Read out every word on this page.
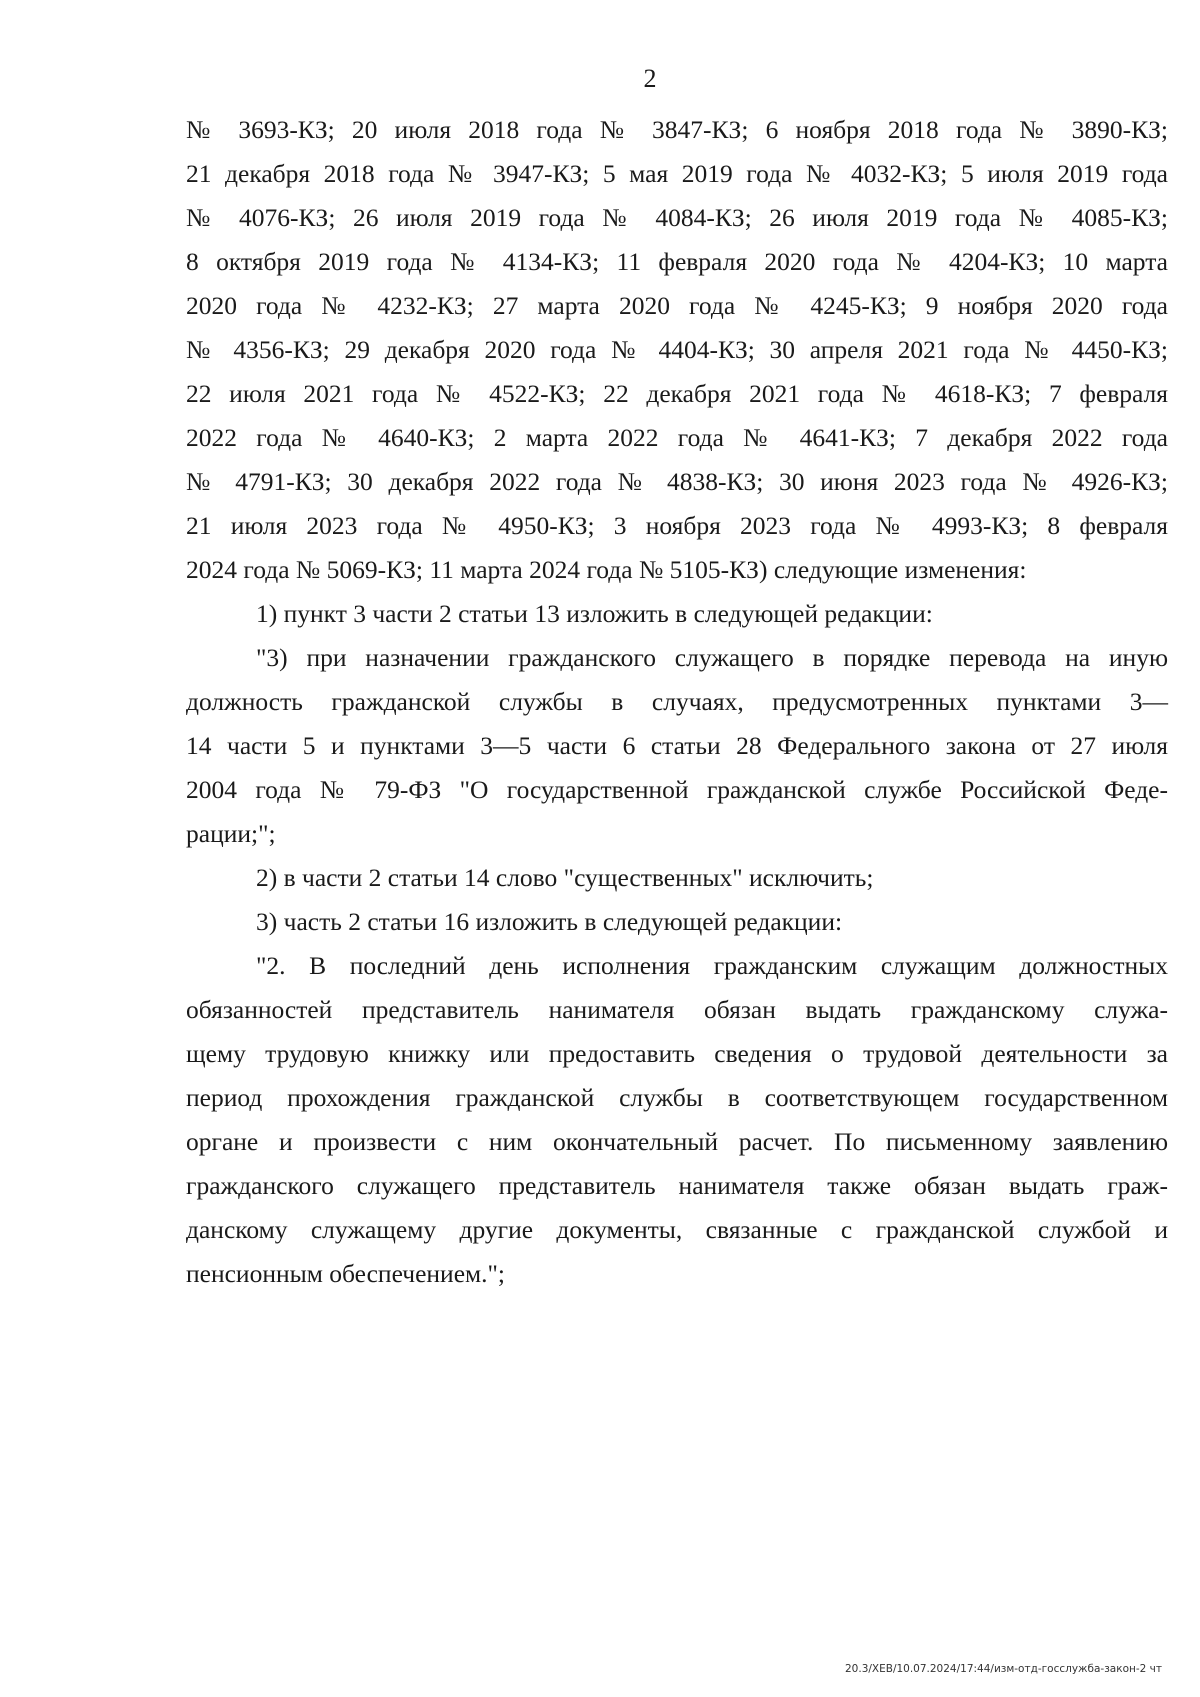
2
№ 3693-КЗ; 20 июля 2018 года № 3847-КЗ; 6 ноября 2018 года № 3890-КЗ;
21 декабря 2018 года № 3947-КЗ; 5 мая 2019 года № 4032-КЗ; 5 июля 2019 года
№ 4076-КЗ; 26 июля 2019 года № 4084-КЗ; 26 июля 2019 года № 4085-КЗ;
8 октября 2019 года № 4134-КЗ; 11 февраля 2020 года № 4204-КЗ; 10 марта
2020 года № 4232-КЗ; 27 марта 2020 года № 4245-КЗ; 9 ноября 2020 года
№ 4356-КЗ; 29 декабря 2020 года № 4404-КЗ; 30 апреля 2021 года № 4450-КЗ;
22 июля 2021 года № 4522-КЗ; 22 декабря 2021 года № 4618-КЗ; 7 февраля
2022 года № 4640-КЗ; 2 марта 2022 года № 4641-КЗ; 7 декабря 2022 года
№ 4791-КЗ; 30 декабря 2022 года № 4838-КЗ; 30 июня 2023 года № 4926-КЗ;
21 июля 2023 года № 4950-КЗ; 3 ноября 2023 года № 4993-КЗ; 8 февраля
2024 года № 5069-КЗ; 11 марта 2024 года № 5105-КЗ) следующие изменения:
1) пункт 3 части 2 статьи 13 изложить в следующей редакции:
"3) при назначении гражданского служащего в порядке перевода на иную
должность гражданской службы в случаях, предусмотренных пунктами 3—
14 части 5 и пунктами 3—5 части 6 статьи 28 Федерального закона от 27 июля
2004 года № 79-ФЗ "О государственной гражданской службе Российской Феде-
рации;";
2) в части 2 статьи 14 слово "существенных" исключить;
3) часть 2 статьи 16 изложить в следующей редакции:
"2. В последний день исполнения гражданским служащим должностных
обязанностей представитель нанимателя обязан выдать гражданскому служа-
щему трудовую книжку или предоставить сведения о трудовой деятельности за
период прохождения гражданской службы в соответствующем государственном
органе и произвести с ним окончательный расчет. По письменному заявлению
гражданского служащего представитель нанимателя также обязан выдать граж-
данскому служащему другие документы, связанные с гражданской службой и
пенсионным обеспечением.";
20.3/ХЕВ/10.07.2024/17:44/изм-отд-госслужба-закон-2 чт
